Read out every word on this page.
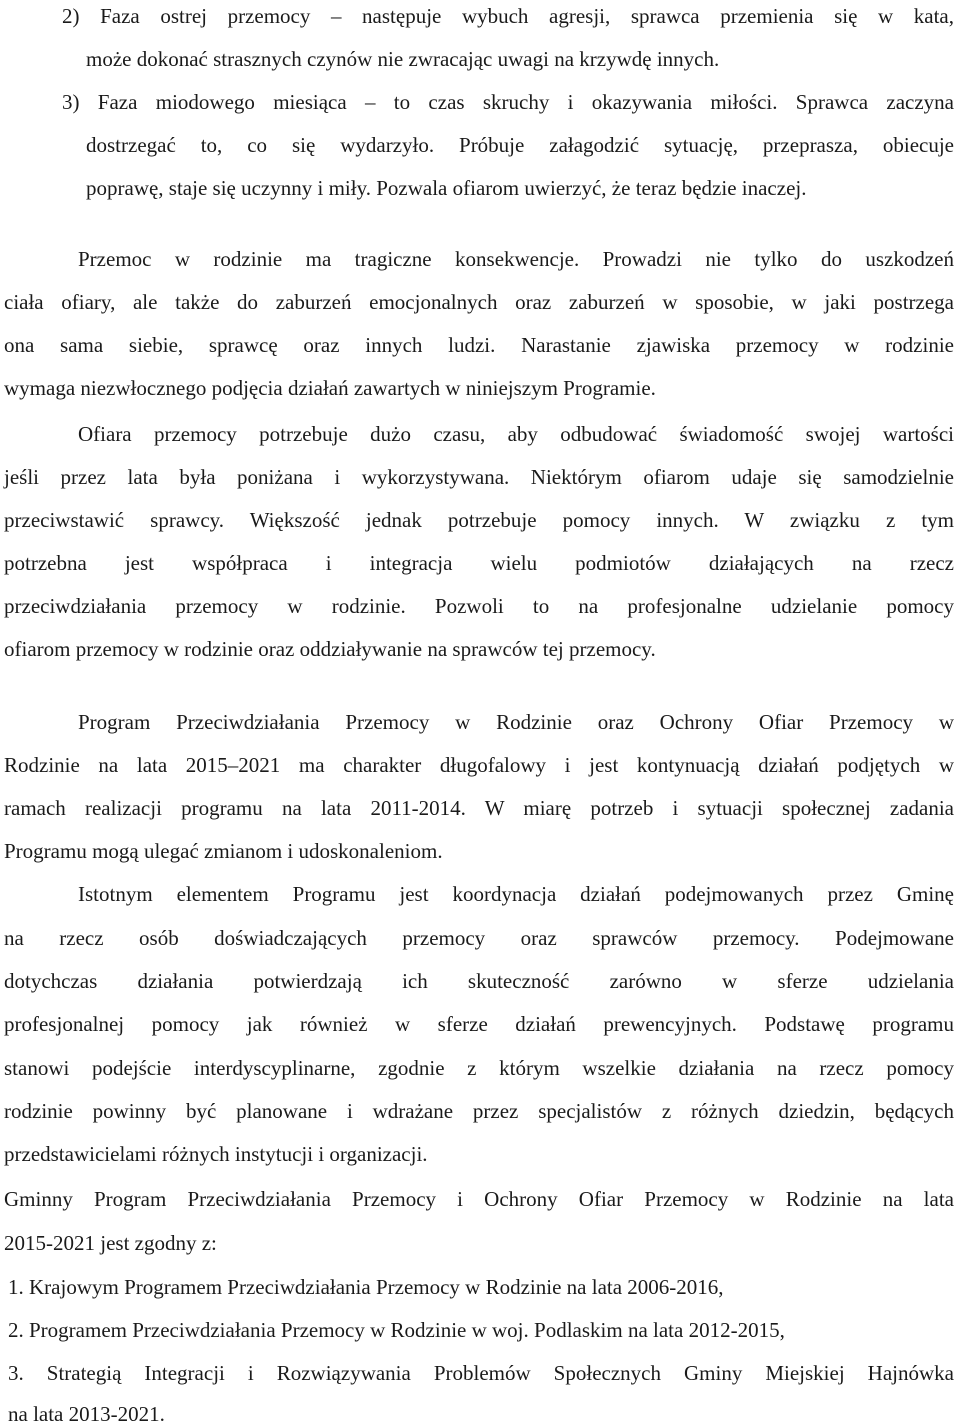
2) Faza ostrej przemocy – następuje wybuch agresji, sprawca przemienia się w kata,
może dokonać strasznych czynów nie zwracając uwagi na krzywdę innych.
3) Faza miodowego miesiąca – to czas skruchy i okazywania miłości. Sprawca zaczyna
dostrzegać to, co się wydarzyło. Próbuje załagodzić sytuację, przeprasza, obiecuje
poprawę, staje się uczynny i miły. Pozwala ofiarom uwierzyć, że teraz będzie inaczej.
Przemoc w rodzinie ma tragiczne konsekwencje. Prowadzi nie tylko do uszkodzeń
ciała ofiary, ale także do zaburzeń emocjonalnych oraz zaburzeń w sposobie, w jaki postrzega
ona sama siebie, sprawcę oraz innych ludzi. Narastanie zjawiska przemocy w rodzinie
wymaga niezwłocznego podjęcia działań zawartych w niniejszym Programie.
Ofiara przemocy potrzebuje dużo czasu, aby odbudować świadomość swojej wartości
jeśli przez lata była poniżana i wykorzystywana. Niektórym ofiarom udaje się samodzielnie
przeciwstawić sprawcy. Większość jednak potrzebuje pomocy innych. W związku z tym
potrzebna jest współpraca i integracja wielu podmiotów działających na rzecz
przeciwdziałania przemocy w rodzinie. Pozwoli to na profesjonalne udzielanie pomocy
ofiarom przemocy w rodzinie oraz oddziaływanie na sprawców tej przemocy.
Program Przeciwdziałania Przemocy w Rodzinie oraz Ochrony Ofiar Przemocy w
Rodzinie na lata 2015–2021 ma charakter długofalowy i jest kontynuacją działań podjętych w
ramach realizacji programu na lata 2011-2014. W miarę potrzeb i sytuacji społecznej zadania
Programu mogą ulegać zmianom i udoskonaleniom.
Istotnym elementem Programu jest koordynacja działań podejmowanych przez Gminę
na rzecz osób doświadczających przemocy oraz sprawców przemocy. Podejmowane
dotychczas działania potwierdzają ich skuteczność zarówno w sferze udzielania
profesjonalnej pomocy jak również w sferze działań prewencyjnych. Podstawę programu
stanowi podejście interdyscyplinarne, zgodnie z którym wszelkie działania na rzecz pomocy
rodzinie powinny być planowane i wdrażane przez specjalistów z różnych dziedzin, będących
przedstawicielami różnych instytucji i organizacji.
Gminny Program Przeciwdziałania Przemocy i Ochrony Ofiar Przemocy w Rodzinie na lata
2015-2021 jest zgodny z:
1. Krajowym Programem Przeciwdziałania Przemocy w Rodzinie na lata 2006-2016,
2. Programem Przeciwdziałania Przemocy w Rodzinie w woj. Podlaskim na lata 2012-2015,
3. Strategią Integracji i Rozwiązywania Problemów Społecznych Gminy Miejskiej Hajnówka
na lata 2013-2021.
